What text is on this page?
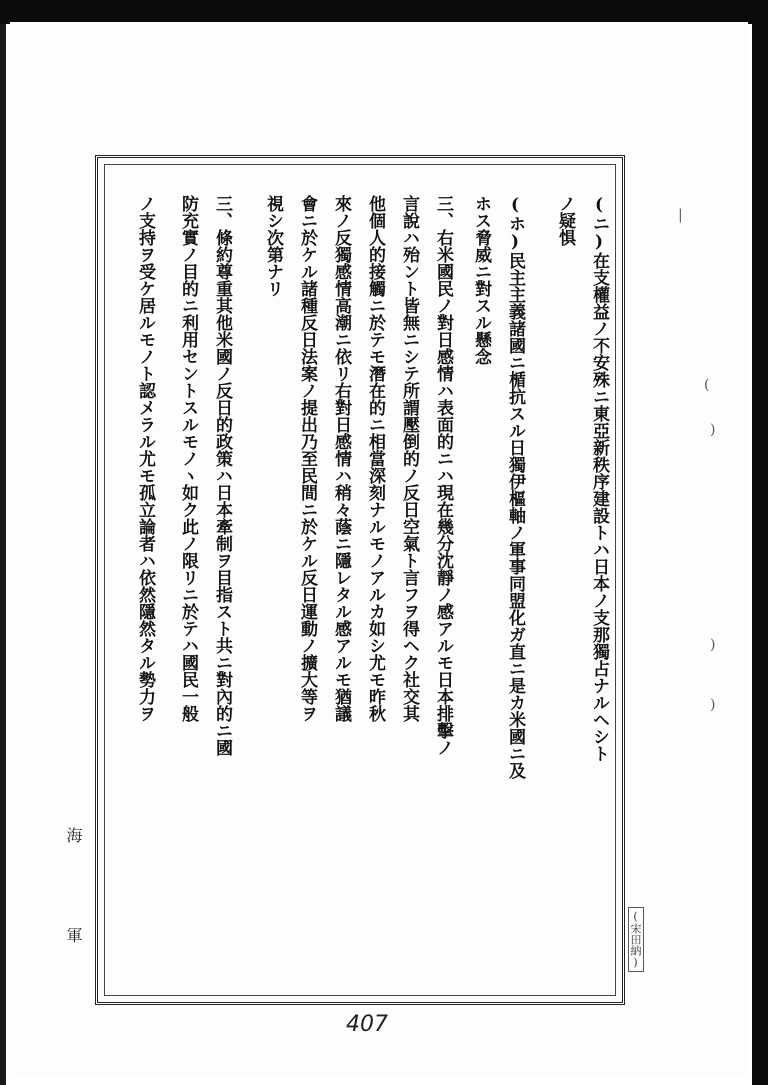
(ニ)在支權益ノ不安殊ニ東亞新秩序建設トハ日本ノ支那獨占ナルヘシト
ノ疑惧
(ホ)民主主義諸國ニ楯抗スル日獨伊樞軸ノ軍事同盟化ガ直ニ是カ米國ニ及
ホス脅威ニ對スル懸念
三、右米國民ノ對日感情ハ表面的ニハ現在幾分沈靜ノ感アルモ日本排擊ノ
言說ハ殆ント皆無ニシテ所謂壓倒的ノ反日空氣ト言フヲ得ヘク社交其
他個人的接觸ニ於テモ潛在的ニ相當深刻ナルモノアルカ如シ尤モ昨秋
來ノ反獨感情高潮ニ依リ右對日感情ハ稍々蔭ニ隱レタル感アルモ猶議
會ニ於ケル諸種反日法案ノ提出乃至民間ニ於ケル反日運動ノ擴大等ヲ
視シ次第ナリ
三、條約尊重其他米國ノ反日的政策ハ日本牽制ヲ目指スト共ニ對內的ニ國
防充實ノ目的ニ利用セントスルモノヽ如ク此ノ限リニ於テハ國民一般
ノ支持ヲ受ケ居ルモノト認メラル尤モ孤立論者ハ依然隱然タル勢力ヲ
海
軍
|
(
)
)
)
(宋田納)
407
